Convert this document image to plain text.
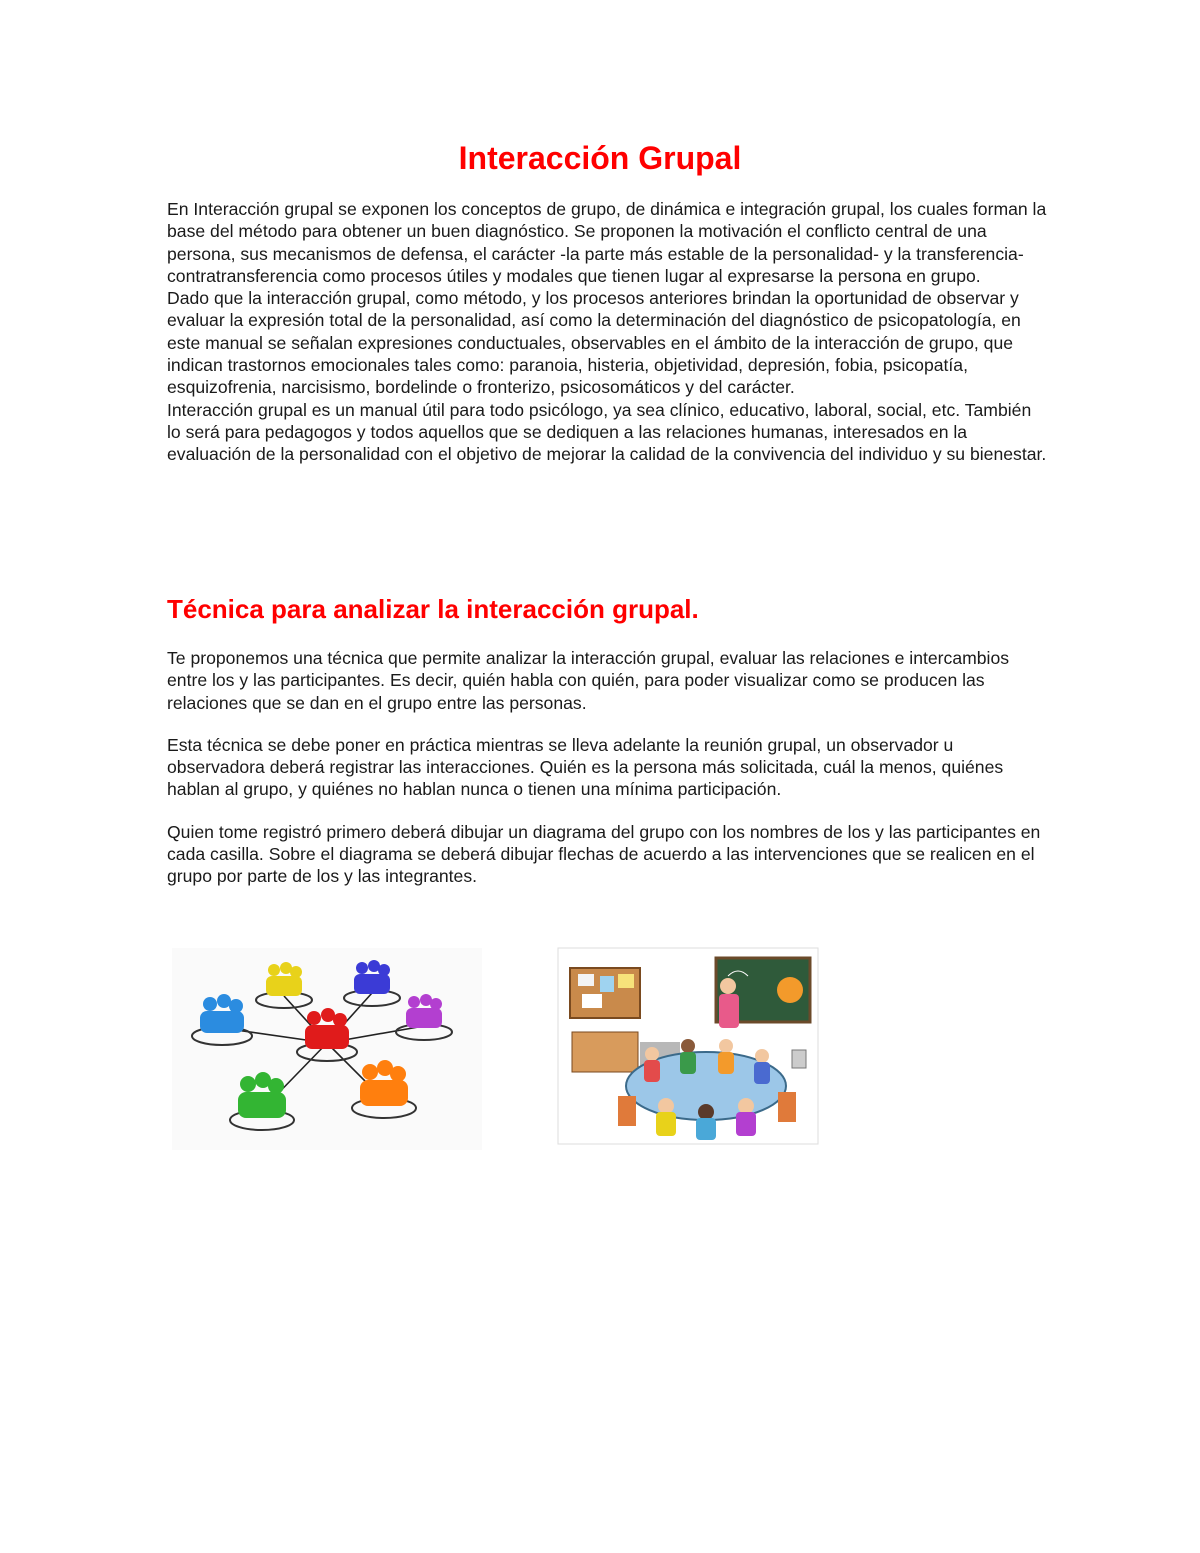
Interacción Grupal

En Interacción grupal se exponen los conceptos de grupo, de dinámica e integración grupal, los cuales forman la base del método para obtener un buen diagnóstico. Se proponen la motivación el conflicto central de una persona, sus mecanismos de defensa, el carácter -la parte más estable de la personalidad- y la transferencia-contratransferencia como procesos útiles y modales que tienen lugar al expresarse la persona en grupo.

Dado que la interacción grupal, como método, y los procesos anteriores brindan la oportunidad de observar y evaluar la expresión total de la personalidad, así como la determinación del diagnóstico de psicopatología, en este manual se señalan expresiones conductuales, observables en el ámbito de la interacción de grupo, que indican trastornos emocionales tales como: paranoia, histeria, objetividad, depresión, fobia, psicopatía, esquizofrenia, narcisismo, bordelinde o fronterizo, psicosomáticos y del carácter.

Interacción grupal es un manual útil para todo psicólogo, ya sea clínico, educativo, laboral, social, etc. También lo será para pedagogos y todos aquellos que se dediquen a las relaciones humanas, interesados en la evaluación de la personalidad con el objetivo de mejorar la calidad de la convivencia del individuo y su bienestar.

Técnica para analizar la interacción grupal.

Te proponemos una técnica que permite analizar la interacción grupal, evaluar las relaciones e intercambios entre los y las participantes. Es decir, quién habla con quién, para poder visualizar como se producen las relaciones que se dan en el grupo entre las personas.

Esta técnica se debe poner en práctica mientras se lleva adelante la reunión grupal, un observador u observadora deberá registrar las interacciones. Quién es la persona más solicitada, cuál la menos, quiénes hablan al grupo, y quiénes no hablan nunca o tienen una mínima participación.

Quien tome registró primero deberá dibujar un diagrama del grupo con los nombres de los y las participantes en cada casilla. Sobre el diagrama se deberá dibujar flechas de acuerdo a las intervenciones que se realicen en el grupo por parte de los y las integrantes.
